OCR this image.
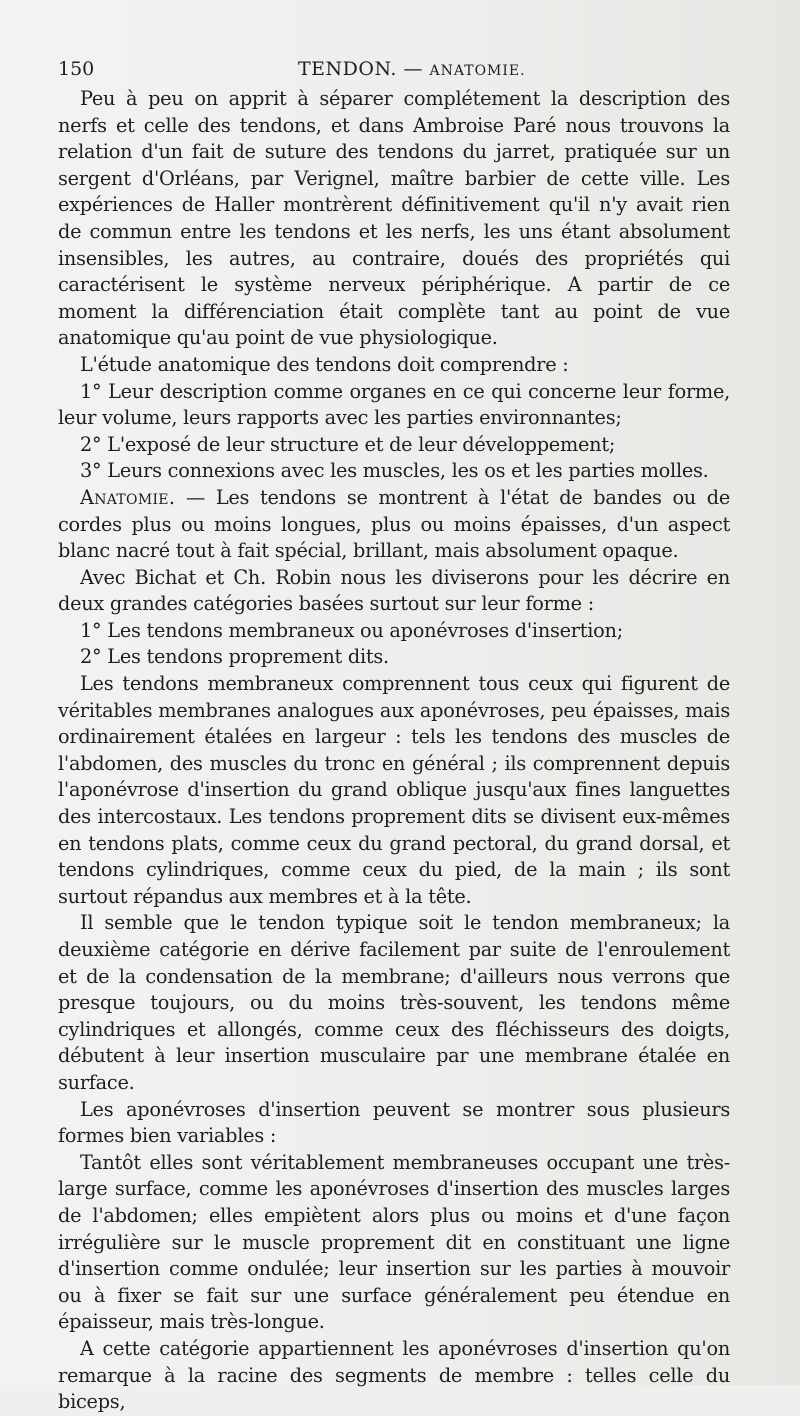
150	TENDON. — ANATOMIE.

Peu à peu on apprit à séparer complétement la description des nerfs et celle des tendons, et dans Ambroise Paré nous trouvons la relation d'un fait de suture des tendons du jarret, pratiquée sur un sergent d'Orléans, par Verignel, maître barbier de cette ville. Les expériences de Haller montrèrent définitivement qu'il n'y avait rien de commun entre les tendons et les nerfs, les uns étant absolument insensibles, les autres, au contraire, doués des propriétés qui caractérisent le système nerveux périphérique. A partir de ce moment la différenciation était complète tant au point de vue anatomique qu'au point de vue physiologique.

L'étude anatomique des tendons doit comprendre :

1° Leur description comme organes en ce qui concerne leur forme, leur volume, leurs rapports avec les parties environnantes;

2° L'exposé de leur structure et de leur développement;

3° Leurs connexions avec les muscles, les os et les parties molles.

Anatomie. — Les tendons se montrent à l'état de bandes ou de cordes plus ou moins longues, plus ou moins épaisses, d'un aspect blanc nacré tout à fait spécial, brillant, mais absolument opaque.

Avec Bichat et Ch. Robin nous les diviserons pour les décrire en deux grandes catégories basées surtout sur leur forme :

1° Les tendons membraneux ou aponévroses d'insertion;

2° Les tendons proprement dits.

Les tendons membraneux comprennent tous ceux qui figurent de véritables membranes analogues aux aponévroses, peu épaisses, mais ordinairement étalées en largeur : tels les tendons des muscles de l'abdomen, des muscles du tronc en général ; ils comprennent depuis l'aponévrose d'insertion du grand oblique jusqu'aux fines languettes des intercostaux. Les tendons proprement dits se divisent eux-mêmes en tendons plats, comme ceux du grand pectoral, du grand dorsal, et tendons cylindriques, comme ceux du pied, de la main ; ils sont surtout répandus aux membres et à la tête.

Il semble que le tendon typique soit le tendon membraneux; la deuxième catégorie en dérive facilement par suite de l'enroulement et de la condensation de la membrane; d'ailleurs nous verrons que presque toujours, ou du moins très-souvent, les tendons même cylindriques et allongés, comme ceux des fléchisseurs des doigts, débutent à leur insertion musculaire par une membrane étalée en surface.

Les aponévroses d'insertion peuvent se montrer sous plusieurs formes bien variables :

Tantôt elles sont véritablement membraneuses occupant une très-large surface, comme les aponévroses d'insertion des muscles larges de l'abdomen; elles empiètent alors plus ou moins et d'une façon irrégulière sur le muscle proprement dit en constituant une ligne d'insertion comme ondulée; leur insertion sur les parties à mouvoir ou à fixer se fait sur une surface généralement peu étendue en épaisseur, mais très-longue.

A cette catégorie appartiennent les aponévroses d'insertion qu'on remarque à la racine des segments de membre : telles celle du biceps,
